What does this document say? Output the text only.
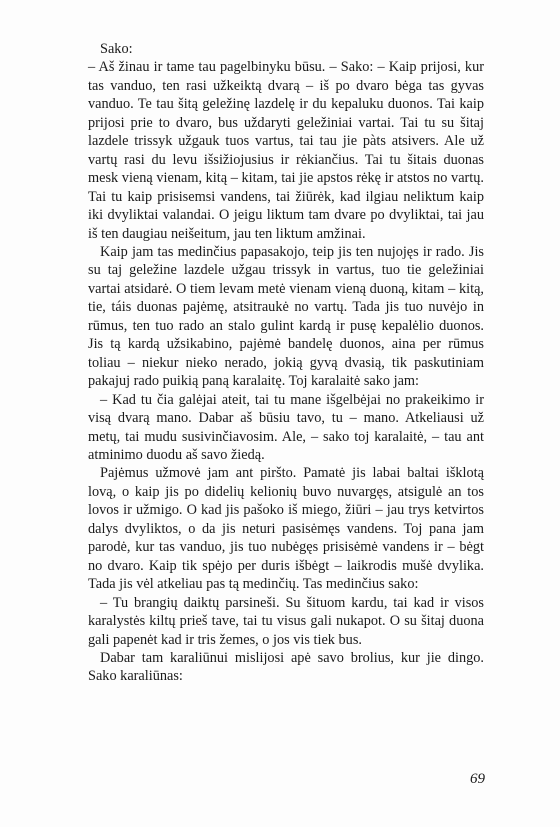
Sako:

– Aš žinau ir tame tau pagelbinyku būsu. – Sako: – Kaip prijosi, kur tas vanduo, ten rasi užkeiktą dvarą – iš po dvaro bėga tas gyvas vanduo. Te tau šitą geležinę lazdelę ir du kepaluku duonos. Tai kaip prijosi prie to dvaro, bus uždaryti geležiniai vartai. Tai tu su šitaj lazdele trissyk užgauk tuos vartus, tai tau jie pàts atsivers. Ale už vartų rasi du levu išsižiojusius ir rėkiančius. Tai tu šitais duonas mesk vieną vienam, kitą – kitam, tai jie apstos rėkę ir atstos no vartų. Tai tu kaip prisisemsi vandens, tai žiūrėk, kad ilgiau neliktum kaip iki dvyliktai valandai. O jeigu liktum tam dvare po dvyliktai, tai jau iš ten daugiau neišeitum, jau ten liktum amžinai.

Kaip jam tas medinčius papasakojo, teip jis ten nujojęs ir rado. Jis su taj geležine lazdele užgau trissyk in vartus, tuo tie geležiniai vartai atsidarė. O tiem levam metė vienam vieną duoną, kitam – kitą, tie, táis duonas pajėmę, atsitraukė no vartų. Tada jis tuo nuvėjo in rūmus, ten tuo rado an stalo gulint kardą ir pusę kepalėlio duonos. Jis tą kardą užsikabino, pajėmė bandelę duonos, aina per rūmus toliau – niekur nieko nerado, jokią gyvą dvasią, tik paskutiniam pakajuj rado puikią paną karalaitę. Toj karalaitė sako jam:

– Kad tu čia galėjai ateit, tai tu mane išgelbėjai no prakeikimo ir visą dvarą mano. Dabar aš būsiu tavo, tu – mano. Atkeliausi už metų, tai mudu susivinčiavosim. Ale, – sako toj karalaitė, – tau ant atminimo duodu aš savo žiedą.

Pajėmus užmovė jam ant piršto. Pamatė jis labai baltai išklotą lovą, o kaip jis po didelių kelionių buvo nuvargęs, atsigulė an tos lovos ir užmigo. O kad jis pašoko iš miego, žiūri – jau trys ketvirtos dalys dvyliktos, o da jis neturi pasisėmęs vandens. Toj pana jam parodė, kur tas vanduo, jis tuo nubėgęs prisisėmė vandens ir – bėgt no dvaro. Kaip tik spėjo per duris išbėgt – laikrodis mušė dvylika. Tada jis vėl atkeliau pas tą medinčių. Tas medinčius sako:

– Tu brangių daiktų parsineši. Su šituom kardu, tai kad ir visos karalystės kiltų prieš tave, tai tu visus gali nukapot. O su šitaj duona gali papenėt kad ir tris žemes, o jos vis tiek bus.

Dabar tam karaliūnui mislijosi apė savo brolius, kur jie dingo. Sako karaliūnas:

69
